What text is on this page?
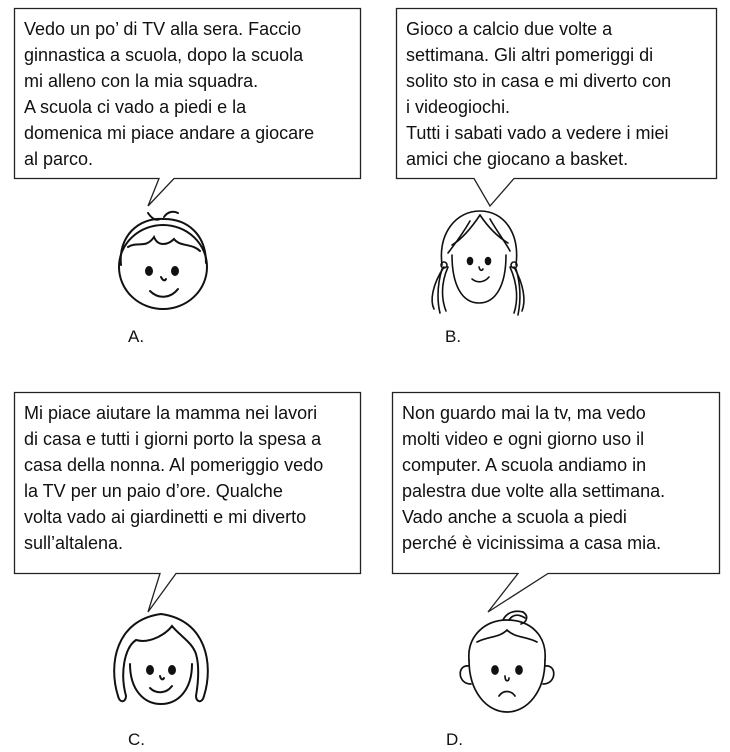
Vedo un po’ di TV alla sera. Faccio
ginnastica a scuola, dopo la scuola
mi alleno con la mia squadra.
A scuola ci vado a piedi e la
domenica mi piace andare a giocare
al parco.
A.
Gioco a calcio due volte a
settimana. Gli altri pomeriggi di
solito sto in casa e mi diverto con
i videogiochi.
Tutti i sabati vado a vedere i miei
amici che giocano a basket.
B.
Mi piace aiutare la mamma nei lavori
di casa e tutti i giorni porto la spesa a
casa della nonna. Al pomeriggio vedo
la TV per un paio d’ore. Qualche
volta vado ai giardinetti e mi diverto
sull’altalena.
C.
Non guardo mai la tv, ma vedo
molti video e ogni giorno uso il
computer. A scuola andiamo in
palestra due volte alla settimana.
Vado anche a scuola a piedi
perché è vicinissima a casa mia.
D.
